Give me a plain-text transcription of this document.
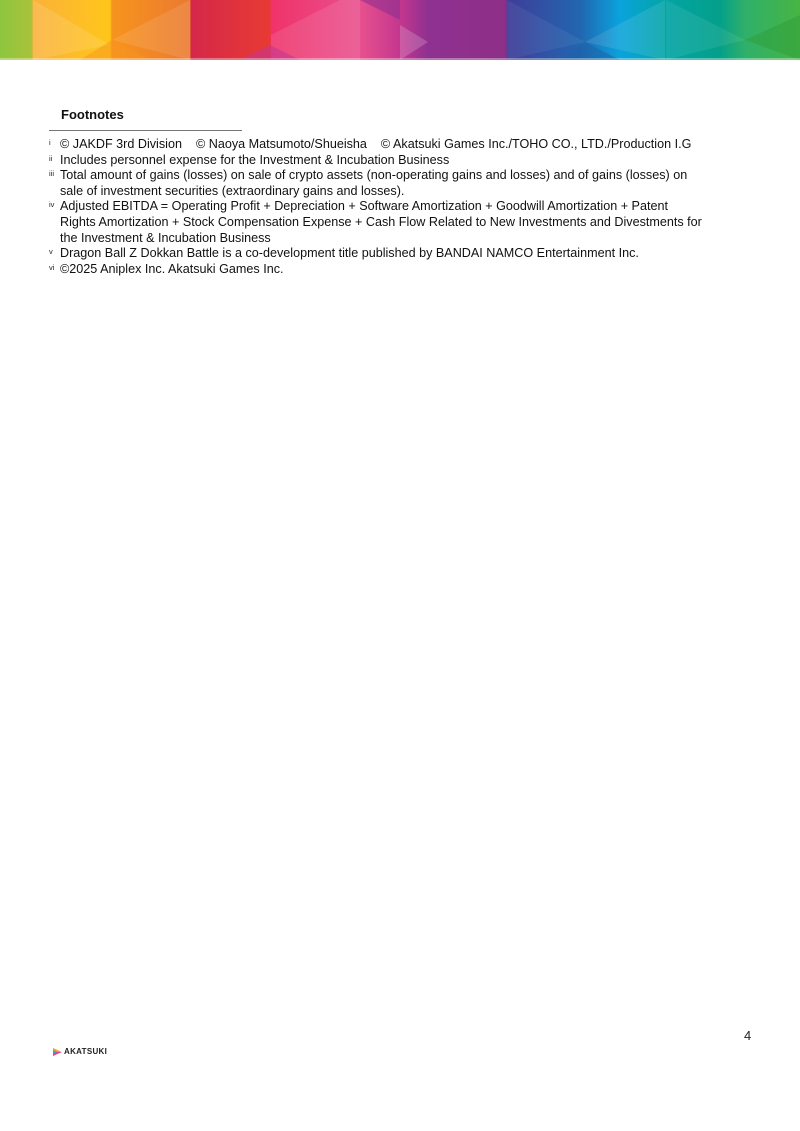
Footnotes
i © JAKDF 3rd Division    © Naoya Matsumoto/Shueisha    © Akatsuki Games Inc./TOHO CO., LTD./Production I.G
ii Includes personnel expense for the Investment & Incubation Business
iii Total amount of gains (losses) on sale of crypto assets (non-operating gains and losses) and of gains (losses) on
sale of investment securities (extraordinary gains and losses).
iv Adjusted EBITDA = Operating Profit + Depreciation + Software Amortization + Goodwill Amortization + Patent
Rights Amortization + Stock Compensation Expense + Cash Flow Related to New Investments and Divestments for
the Investment & Incubation Business
v Dragon Ball Z Dokkan Battle is a co-development title published by BANDAI NAMCO Entertainment Inc.
vi ©2025 Aniplex Inc. Akatsuki Games Inc.
4
AKATSUKI
